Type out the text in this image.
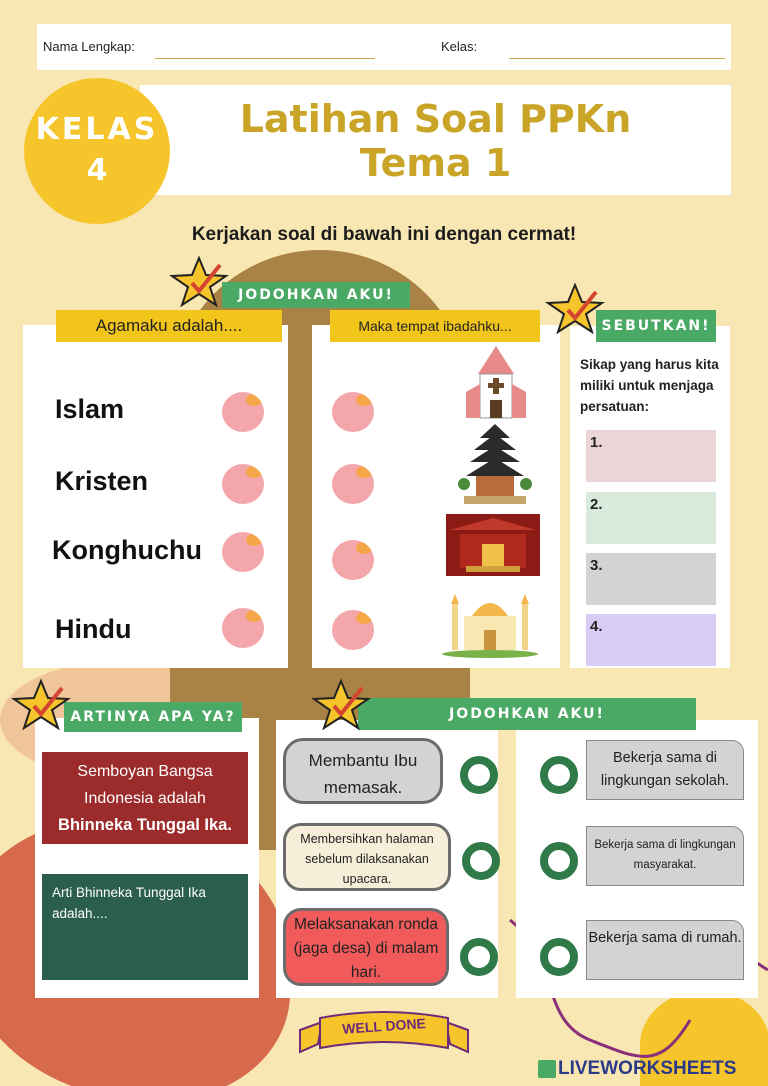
Nama Lengkap:	Kelas:
Latihan Soal PPKn
Tema 1
KELAS
4
Kerjakan soal di bawah ini dengan cermat!
JODOHKAN AKU!
Agamaku adalah....
Islam
Kristen
Konghuchu
Hindu
Maka tempat ibadahku...	SEBUTKAN!
Sikap yang harus kita miliki untuk menjaga persatuan:
1.
2.
3.
4.
ARTINYA APA YA?
Semboyan Bangsa Indonesia adalah
Bhinneka Tunggal Ika.
Arti Bhinneka Tunggal Ika adalah....
JODOHKAN AKU!
Membantu Ibu memasak.
Membersihkan halaman sebelum dilaksanakan upacara.
Melaksanakan ronda (jaga desa) di malam hari.
Bekerja sama di lingkungan sekolah.
Bekerja sama di lingkungan masyarakat.
Bekerja sama di rumah.
WELL DONE
LIVEWORKSHEETS
